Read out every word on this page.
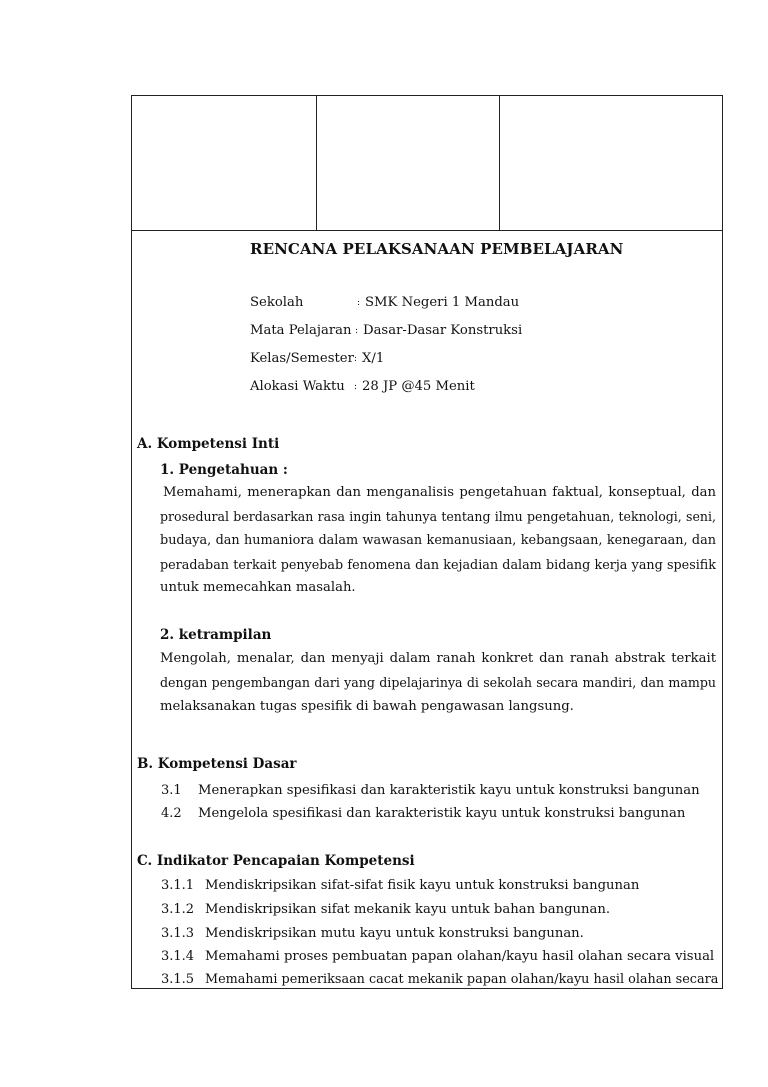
RENCANA PELAKSANAAN PEMBELAJARAN
Sekolah	: SMK Negeri 1 Mandau
Mata Pelajaran : Dasar-Dasar Konstruksi
Kelas/Semester : X/1
Alokasi Waktu : 28 JP @45 Menit
A. Kompetensi Inti
1. Pengetahuan :
Memahami, menerapkan dan menganalisis pengetahuan faktual, konseptual, dan
prosedural berdasarkan rasa ingin tahunya tentang ilmu pengetahuan, teknologi, seni,
budaya, dan humaniora dalam wawasan kemanusiaan, kebangsaan, kenegaraan, dan
peradaban terkait penyebab fenomena dan kejadian dalam bidang kerja yang spesifik
untuk memecahkan masalah.
2. ketrampilan
Mengolah, menalar, dan menyaji dalam ranah konkret dan ranah abstrak terkait
dengan pengembangan dari yang dipelajarinya di sekolah secara mandiri, dan mampu
melaksanakan tugas spesifik di bawah pengawasan langsung.
B. Kompetensi Dasar
3.1 Menerapkan spesifikasi dan karakteristik kayu untuk konstruksi bangunan
4.2 Mengelola spesifikasi dan karakteristik kayu untuk konstruksi bangunan
C. Indikator Pencapaian Kompetensi
3.1.1 Mendiskripsikan sifat-sifat fisik kayu untuk konstruksi bangunan
3.1.2 Mendiskripsikan sifat mekanik kayu untuk bahan bangunan.
3.1.3 Mendiskripsikan mutu kayu untuk konstruksi bangunan.
3.1.4 Memahami proses pembuatan papan olahan/kayu hasil olahan secara visual
3.1.5 Memahami pemeriksaan cacat mekanik papan olahan/kayu hasil olahan secara
